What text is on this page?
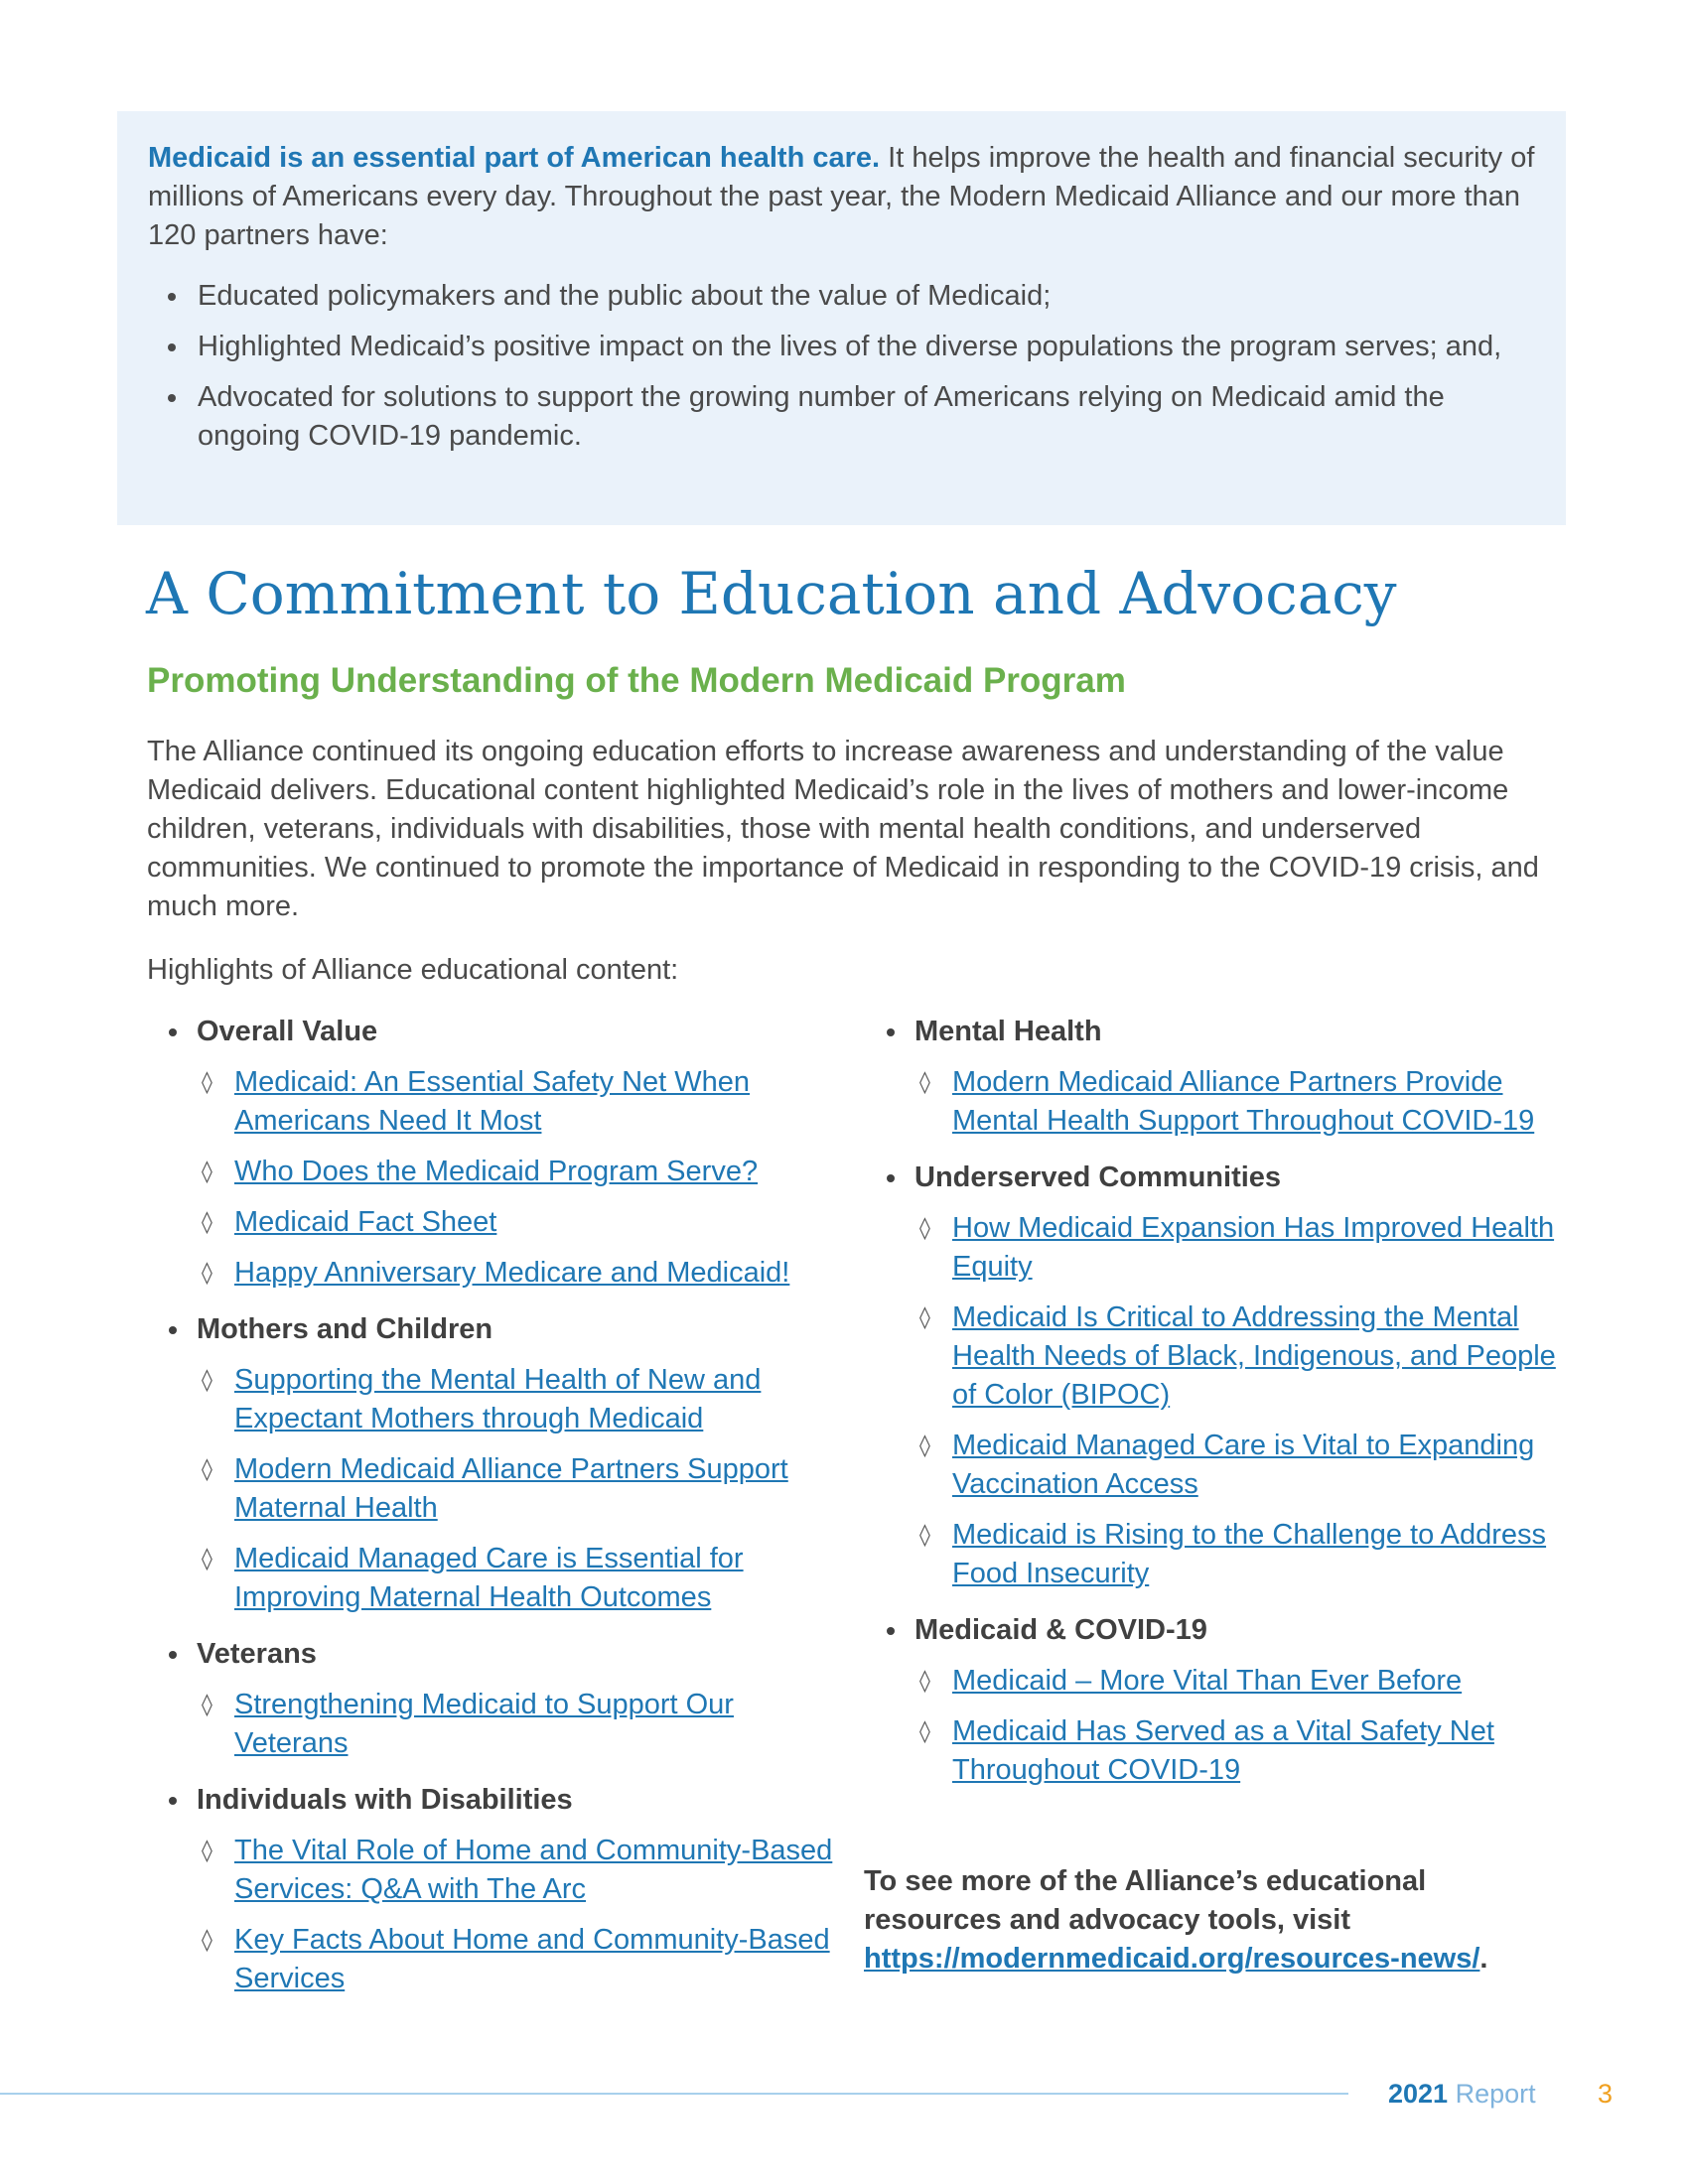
Medicaid is an essential part of American health care. It helps improve the health and financial security of millions of Americans every day. Throughout the past year, the Modern Medicaid Alliance and our more than 120 partners have:

Educated policymakers and the public about the value of Medicaid;
Highlighted Medicaid’s positive impact on the lives of the diverse populations the program serves; and,
Advocated for solutions to support the growing number of Americans relying on Medicaid amid the ongoing COVID-19 pandemic.
A Commitment to Education and Advocacy
Promoting Understanding of the Modern Medicaid Program

The Alliance continued its ongoing education efforts to increase awareness and understanding of the value Medicaid delivers. Educational content highlighted Medicaid’s role in the lives of mothers and lower-income children, veterans, individuals with disabilities, those with mental health conditions, and underserved communities. We continued to promote the importance of Medicaid in responding to the COVID-19 crisis, and much more.

Highlights of Alliance educational content:

Overall Value
◊ Medicaid: An Essential Safety Net When Americans Need It Most
◊ Who Does the Medicaid Program Serve?
◊ Medicaid Fact Sheet
◊ Happy Anniversary Medicare and Medicaid!
Mothers and Children
◊ Supporting the Mental Health of New and Expectant Mothers through Medicaid
◊ Modern Medicaid Alliance Partners Support Maternal Health
◊ Medicaid Managed Care is Essential for Improving Maternal Health Outcomes
Veterans
◊ Strengthening Medicaid to Support Our Veterans
Individuals with Disabilities
◊ The Vital Role of Home and Community-Based Services: Q&A with The Arc
◊ Key Facts About Home and Community-Based Services
Mental Health
◊ Modern Medicaid Alliance Partners Provide Mental Health Support Throughout COVID-19
Underserved Communities
◊ How Medicaid Expansion Has Improved Health Equity
◊ Medicaid Is Critical to Addressing the Mental Health Needs of Black, Indigenous, and People of Color (BIPOC)
◊ Medicaid Managed Care is Vital to Expanding Vaccination Access
◊ Medicaid is Rising to the Challenge to Address Food Insecurity
Medicaid & COVID-19
◊ Medicaid – More Vital Than Ever Before
◊ Medicaid Has Served as a Vital Safety Net Throughout COVID-19

To see more of the Alliance’s educational resources and advocacy tools, visit https://modernmedicaid.org/resources-news/.

2021 Report 3
